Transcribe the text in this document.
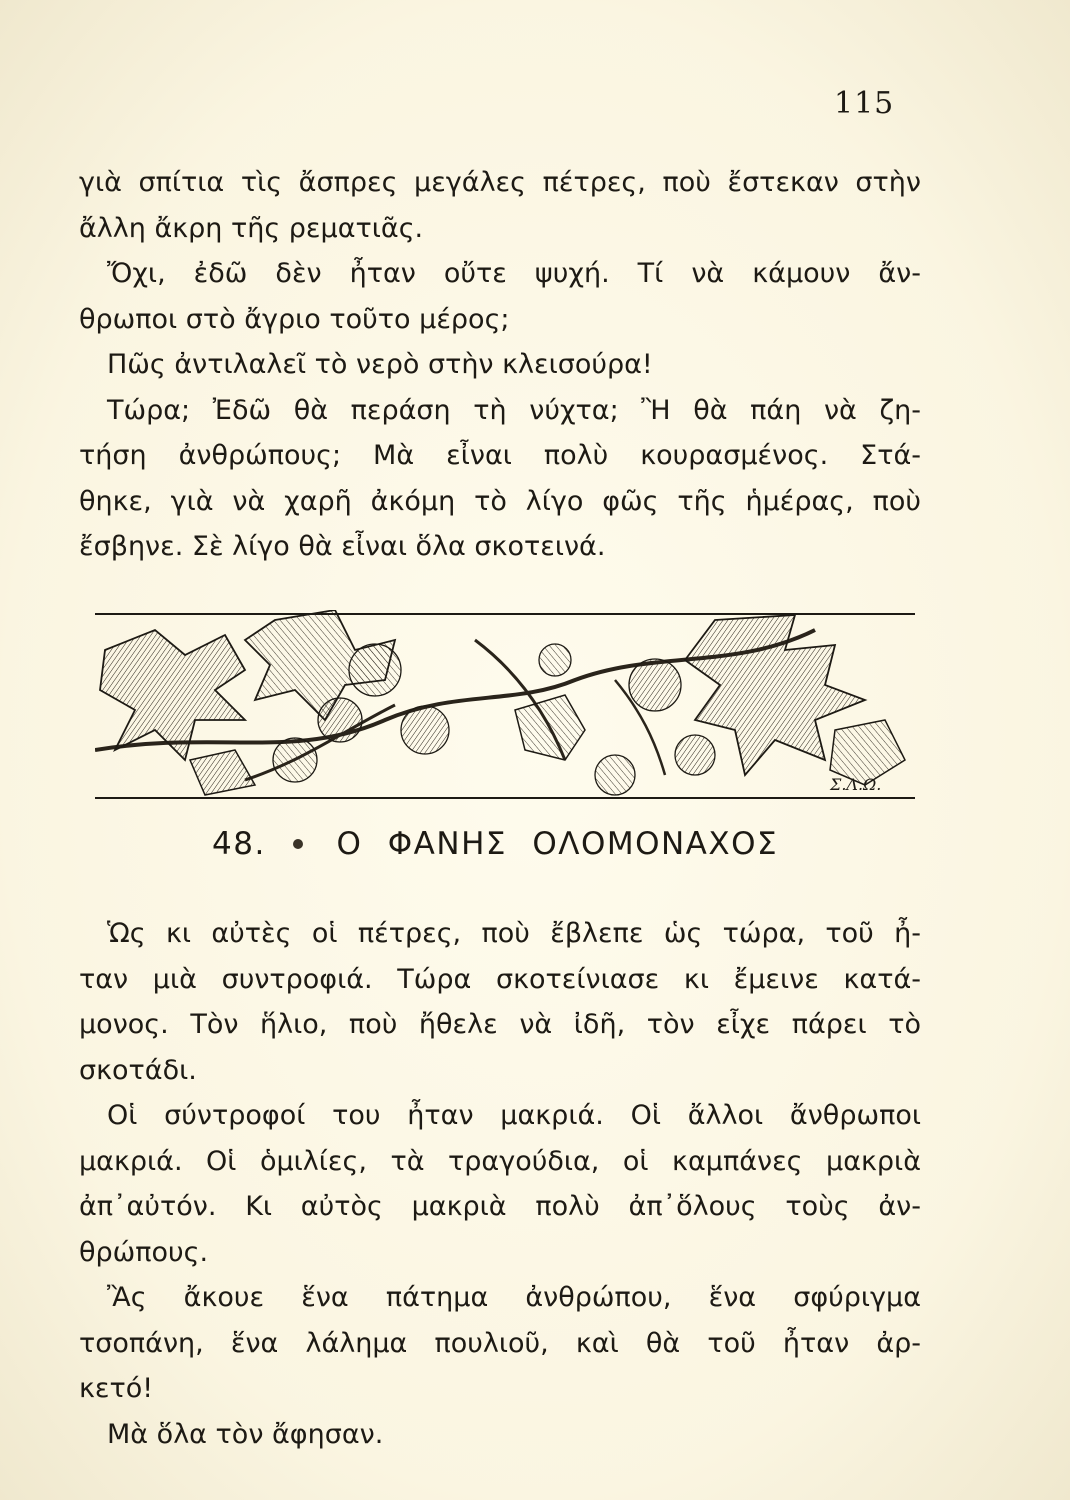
115
γιὰ σπίτια τὶς ἄσπρες μεγάλες πέτρες, ποὺ ἔστεκαν στὴν
ἄλλη ἄκρη τῆς ρεματιᾶς.
Ὄχι, ἐδῶ δὲν ἦταν οὔτε ψυχή. Τί νὰ κάμουν ἄν-
θρωποι στὸ ἄγριο τοῦτο μέρος;
Πῶς ἀντιλαλεῖ τὸ νερὸ στὴν κλεισούρα!
Τώρα; Ἐδῶ θὰ περάση τὴ νύχτα; Ἢ θὰ πάη νὰ ζη-
τήση ἀνθρώπους; Μὰ εἶναι πολὺ κουρασμένος. Στά-
θηκε, γιὰ νὰ χαρῆ ἀκόμη τὸ λίγο φῶς τῆς ἡμέρας, ποὺ
ἔσβηνε. Σὲ λίγο θὰ εἶναι ὅλα σκοτεινά.
Σ.Λ.Ω.
48. Ο ΦΑΝΗΣ ΟΛΟΜΟΝΑΧΟΣ
Ὡς κι αὐτὲς οἱ πέτρες, ποὺ ἔβλεπε ὡς τώρα, τοῦ ἦ-
ταν μιὰ συντροφιά. Τώρα σκοτείνιασε κι ἔμεινε κατά-
μονος. Τὸν ἥλιο, ποὺ ἤθελε νὰ ἰδῆ, τὸν εἶχε πάρει τὸ
σκοτάδι.
Οἱ σύντροφοί του ἦταν μακριά. Οἱ ἄλλοι ἄνθρωποι
μακριά. Οἱ ὁμιλίες, τὰ τραγούδια, οἱ καμπάνες μακριὰ
ἀπ᾿αὐτόν. Κι αὐτὸς μακριὰ πολὺ ἀπ᾿ὅλους τοὺς ἀν-
θρώπους.
Ἂς ἄκουε ἕνα πάτημα ἀνθρώπου, ἕνα σφύριγμα
τσοπάνη, ἕνα λάλημα πουλιοῦ, καὶ θὰ τοῦ ἦταν ἀρ-
κετό!
Μὰ ὅλα τὸν ἄφησαν.
